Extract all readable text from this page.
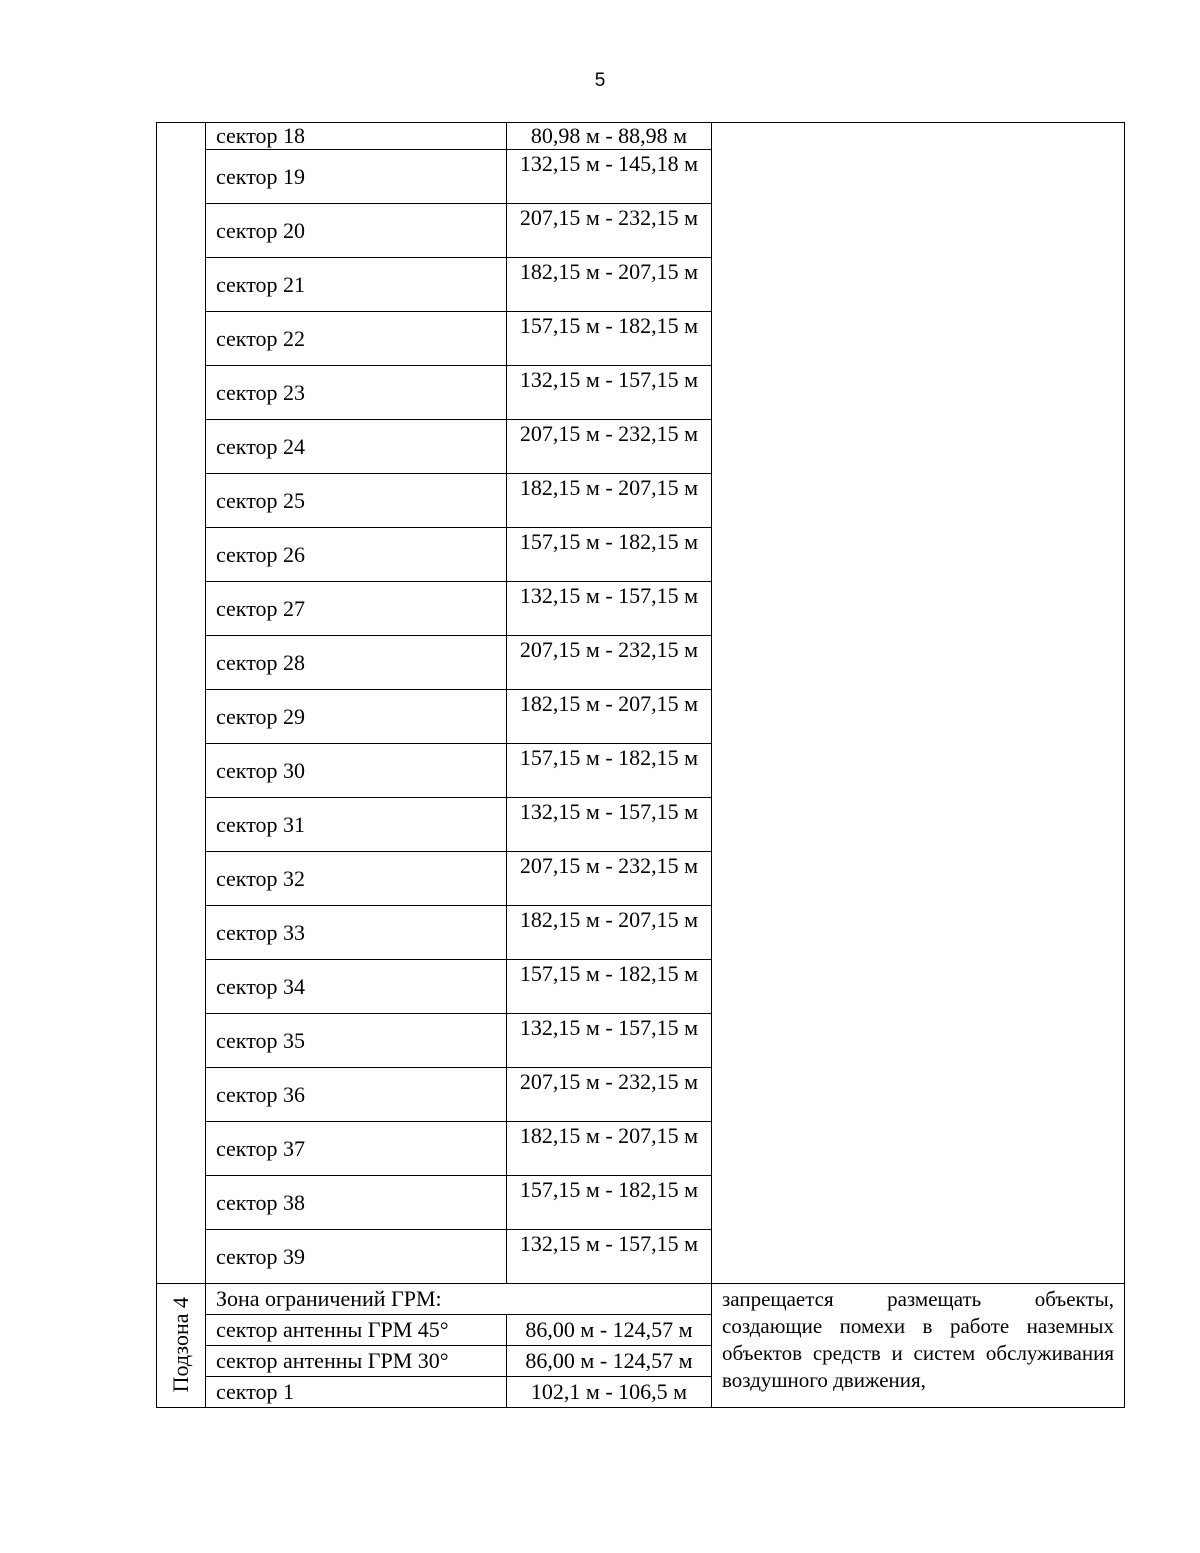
5
	сектор 18	80,98 м - 88,98 м	
	сектор 19	132,15 м - 145,18 м	
	сектор 20	207,15 м - 232,15 м	
	сектор 21	182,15 м - 207,15 м	
	сектор 22	157,15 м - 182,15 м	
	сектор 23	132,15 м - 157,15 м	
	сектор 24	207,15 м - 232,15 м	
	сектор 25	182,15 м - 207,15 м	
	сектор 26	157,15 м - 182,15 м	
	сектор 27	132,15 м - 157,15 м	
	сектор 28	207,15 м - 232,15 м	
	сектор 29	182,15 м - 207,15 м	
	сектор 30	157,15 м - 182,15 м	
	сектор 31	132,15 м - 157,15 м	
	сектор 32	207,15 м - 232,15 м	
	сектор 33	182,15 м - 207,15 м	
	сектор 34	157,15 м - 182,15 м	
	сектор 35	132,15 м - 157,15 м	
	сектор 36	207,15 м - 232,15 м	
	сектор 37	182,15 м - 207,15 м	
	сектор 38	157,15 м - 182,15 м	
	сектор 39	132,15 м - 157,15 м	

Подзона 4	Зона ограничений ГРМ:		запрещается размещать объекты, создающие помехи в работе наземных объектов средств и систем обслуживания воздушного движения,
	сектор антенны ГРМ 45°	86,00 м - 124,57 м	
	сектор антенны ГРМ 30°	86,00 м - 124,57 м	
	сектор 1	102,1 м - 106,5 м	
